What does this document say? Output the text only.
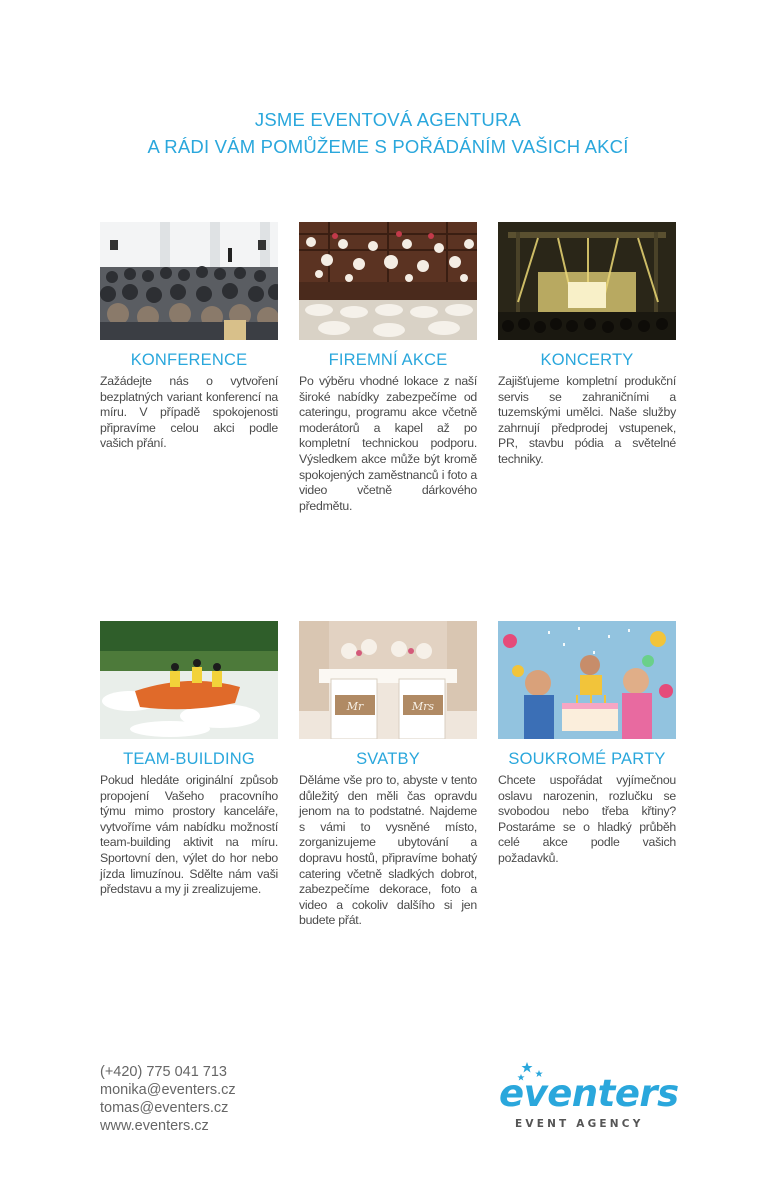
JSME EVENTOVÁ AGENTURA
A RÁDI VÁM POMŮŽEME S POŘÁDÁNÍM VAŠICH AKCÍ
KONFERENCE
Zažádejte nás o vytvoření bezplatných variant konferencí na míru. V případě spokojenosti připravíme celou akci podle vašich přání.
FIREMNÍ AKCE
Po výběru vhodné lokace z naší široké nabídky zabezpečíme od cateringu, programu akce včetně moderátorů a kapel až po kompletní technickou podporu. Výsledkem akce může být kromě spokojených zaměstnanců i foto a video včetně dárkového předmětu.
KONCERTY
Zajišťujeme kompletní produkční servis se zahraničními a tuzemskými umělci. Naše služby zahrnují předprodej vstupenek, PR, stavbu pódia a světelné techniky.
TEAM-BUILDING
Pokud hledáte originální způsob propojení Vašeho pracovního týmu mimo prostory kanceláře, vytvoříme vám nabídku možností team-building aktivit na míru. Sportovní den, výlet do hor nebo jízda limuzínou. Sdělte nám vaši představu a my ji zrealizujeme.
Mr	Mrs
SVATBY
Děláme vše pro to, abyste v tento důležitý den měli čas opravdu jenom na to podstatné. Najdeme s vámi to vysněné místo, zorganizujeme ubytování a dopravu hostů, připravíme bohatý catering včetně sladkých dobrot, zabezpečíme dekorace, foto a video a cokoliv dalšího si jen budete přát.
SOUKROMÉ PARTY
Chcete uspořádat vyjímečnou oslavu narozenin, rozlučku se svobodou nebo třeba křtiny? Postaráme se o hladký průběh celé akce podle vašich požadavků.
(+420) 775 041 713
monika@eventers.cz
tomas@eventers.cz
www.eventers.cz
eventers
EVENT AGENCY
